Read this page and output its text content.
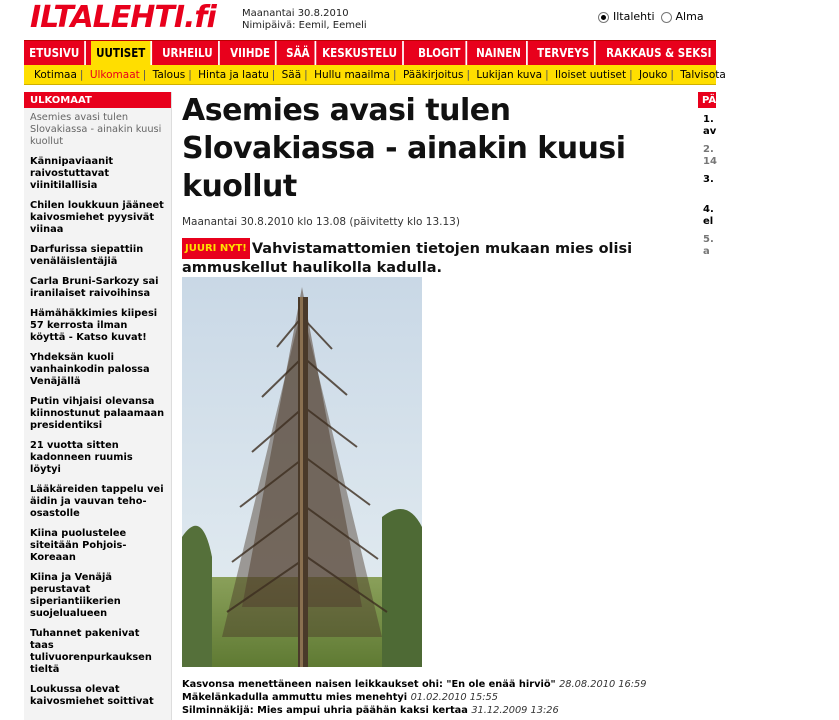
ILTALEHTI.fi	Maanantai 30.8.2010
Nimipäivä: Eemil, Eemeli
Iltalehti	Alma
ETUSIVU	UUTISET	URHEILU	VIIHDE	SÄÄ	KESKUSTELU	BLOGIT	NAINEN	TERVEYS	RAKKAUS & SEKSI	PERHE	RUOKA
Kotimaa | Ulkomaat | Talous | Hinta ja laatu | Sää | Hullu maailma | Pääkirjoitus | Lukijan kuva | Iloiset uutiset | Jouko | Talvisota
ULKOMAAT
Asemies avasi tulen Slovakiassa - ainakin kuusi kuollut
Kännipaviaanit raivostuttavat viinitilallisia
Chilen loukkuun jääneet kaivosmiehet pyysivät viinaa
Darfurissa siepattiin venäläislentäjiä
Carla Bruni-Sarkozy sai iranilaiset raivoihinsa
Hämähäkkimies kiipesi 57 kerrosta ilman köyttä - Katso kuvat!
Yhdeksän kuoli vanhainkodin palossa Venäjällä
Putin vihjaisi olevansa kiinnostunut palaamaan presidentiksi
21 vuotta sitten kadonneen ruumis löytyi
Lääkäreiden tappelu vei äidin ja vauvan teho-osastolle
Kiina puolustelee siteitään Pohjois-Koreaan
Kiina ja Venäjä perustavat siperiantiikerien suojelualueen
Tuhannet pakenivat taas tulivuorenpurkauksen tieltä
Loukussa olevat kaivosmiehet soittivat
Asemies avasi tulen Slovakiassa - ainakin kuusi kuollut
Maanantai 30.8.2010 klo 13.08 (päivitetty klo 13.13)
JUURI NYT! Vahvistamattomien tietojen mukaan mies olisi ammuskellut haulikolla kadulla.
Kasvonsa menettäneen naisen leikkaukset ohi: "En ole enää hirviö" 28.08.2010 16:59
Mäkelänkadulla ammuttu mies menehtyi 01.02.2010 15:55
Silminnäkijä: Mies ampui uhria päähän kaksi kertaa 31.12.2009 13:26
PÄ
1.
av
2.
14
3.
4.
el
5.
a
